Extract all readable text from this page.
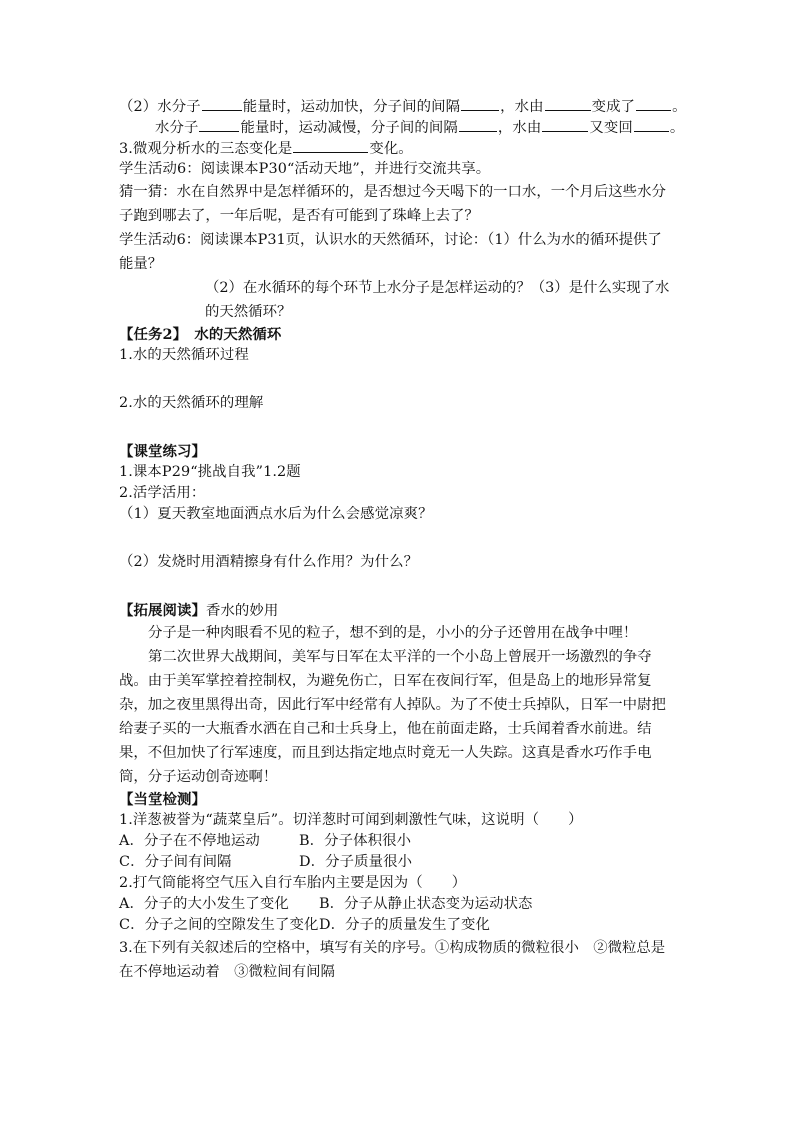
（2）水分子	能量时，运动加快，分子间的间隔	，水由	变成了	。
水分子	能量时，运动减慢，分子间的间隔	，水由	又变回	。
3.微观分析水的三态变化是	变化。
学生活动6：阅读课本P30“活动天地”，并进行交流共享。
猜一猜：水在自然界中是怎样循环的，是否想过今天喝下的一口水，一个月后这些水分子跑到哪去了，一年后呢，是否有可能到了珠峰上去了？
学生活动6：阅读课本P31页，认识水的天然循环，讨论：（1）什么为水的循环提供了能量？
（2）在水循环的每个环节上水分子是怎样运动的？（3）是什么实现了水的天然循环？
【任务2】　水的天然循环
1.水的天然循环过程
2.水的天然循环的理解
【课堂练习】
1.课本P29“挑战自我”1.2题
2.活学活用：
（1）夏天教室地面洒点水后为什么会感觉凉爽？
（2）发烧时用酒精擦身有什么作用？为什么？
【拓展阅读】香水的妙用
分子是一种肉眼看不见的粒子，想不到的是，小小的分子还曾用在战争中哩！
第二次世界大战期间，美军与日军在太平洋的一个小岛上曾展开一场激烈的争夺战。由于美军掌控着控制权，为避免伤亡，日军在夜间行军，但是岛上的地形异常复杂，加之夜里黑得出奇，因此行军中经常有人掉队。为了不使士兵掉队，日军一中尉把给妻子买的一大瓶香水洒在自己和士兵身上，他在前面走路，士兵闻着香水前进。结果，不但加快了行军速度，而且到达指定地点时竟无一人失踪。这真是香水巧作手电筒，分子运动创奇迹啊！
【当堂检测】
1.洋葱被誉为“蔬菜皇后”。切洋葱时可闻到刺激性气味，这说明（　　）
A．分子在不停地运动	B．分子体积很小
C．分子间有间隔	D．分子质量很小
2.打气筒能将空气压入自行车胎内主要是因为（　　）
A．分子的大小发生了变化 B．分子从静止状态变为运动状态
C．分子之间的空隙发生了变化D．分子的质量发生了变化
3.在下列有关叙述后的空格中，填写有关的序号。①构成物质的微粒很小　②微粒总是在不停地运动着　③微粒间有间隔
